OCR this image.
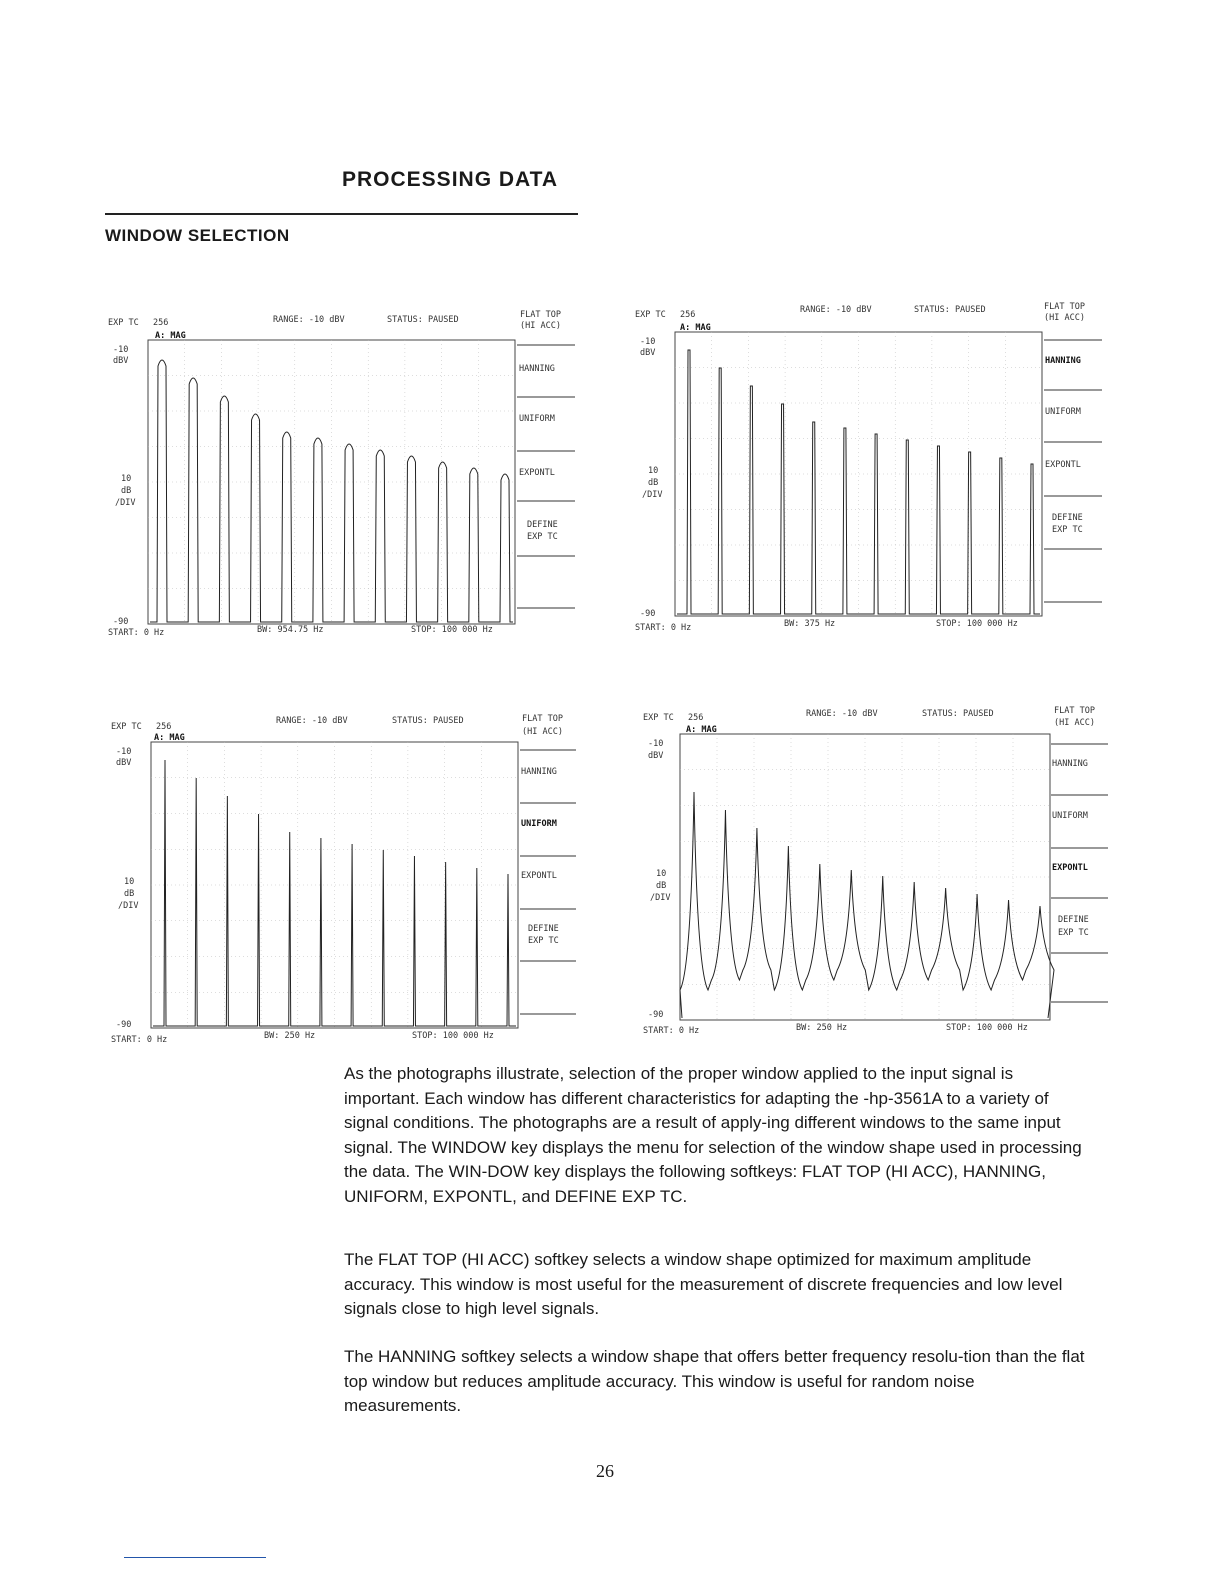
PROCESSING DATA
WINDOW SELECTION
EXP TC 256	RANGE: -10 dBV	STATUS: PAUSED
A: MAG
-10
dBV
10
dB
/DIV
-90
FLAT TOP
(HI ACC)
HANNING
UNIFORM
EXPONTL
DEFINE
EXP TC
START: 0 Hz	BW: 954.75 Hz	STOP: 100 000 Hz
EXP TC 256	RANGE: -10 dBV	STATUS: PAUSED
A: MAG
-10
dBV
10
dB
/DIV
-90
FLAT TOP
(HI ACC)
HANNING
UNIFORM
EXPONTL
DEFINE
EXP TC
START: 0 Hz	BW: 375 Hz	STOP: 100 000 Hz
EXP TC 256
RANGE: -10 dBV	STATUS: PAUSED
A: MAG
-10
dBV
10
dB
/DIV
-90
FLAT TOP
(HI ACC)
HANNING
UNIFORM
EXPONTL
DEFINE
EXP TC
START: 0 Hz	BW: 250 Hz	STOP: 100 000 Hz
EXP TC 256	RANGE: -10 dBV	STATUS: PAUSED
A: MAG
-10
dBV
10
dB
/DIV
-90
FLAT TOP
(HI ACC)
HANNING
UNIFORM
EXPONTL
DEFINE
EXP TC
START: 0 Hz	BW: 250 Hz	STOP: 100 000 Hz

As the photographs illustrate, selection of the proper window applied to the input signal is important. Each window has different characteristics for adapting the -hp-3561A to a variety of signal conditions. The photographs are a result of apply-ing different windows to the same input signal. The WINDOW key displays the menu for selection of the window shape used in processing the data. The WIN-DOW key displays the following softkeys: FLAT TOP (HI ACC), HANNING, UNIFORM, EXPONTL, and DEFINE EXP TC.

The FLAT TOP (HI ACC) softkey selects a window shape optimized for maximum amplitude accuracy. This window is most useful for the measurement of discrete frequencies and low level signals close to high level signals.

The HANNING softkey selects a window shape that offers better frequency resolu-tion than the flat top window but reduces amplitude accuracy. This window is useful for random noise measurements.

26
